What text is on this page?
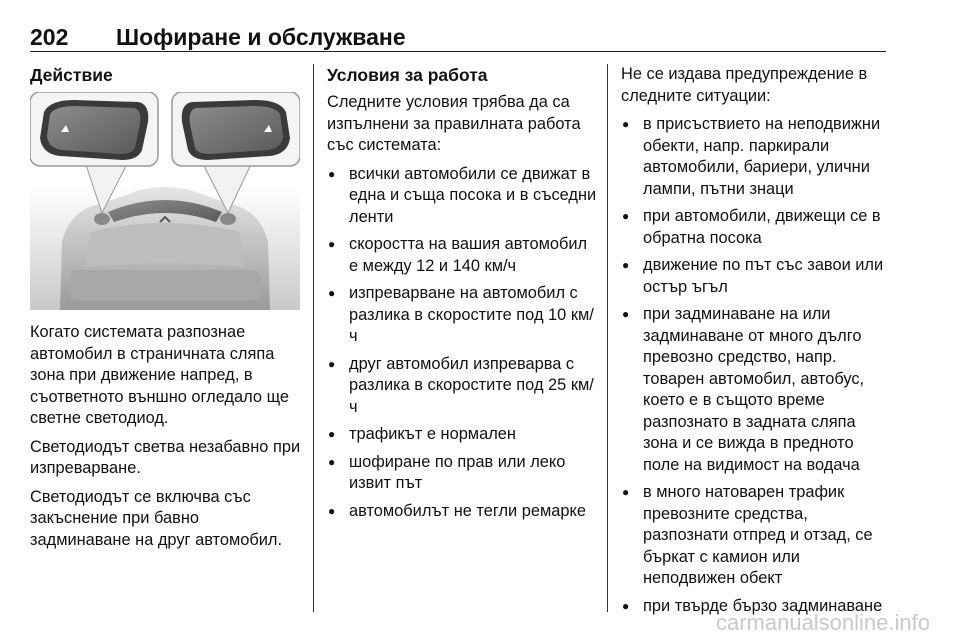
202 Шофиране и обслужване
Действие

Когато системата разпознае автомобил в страничната сляпа зона при движение напред, в съответното външно огледало ще светне светодиод.

Светодиодът светва незабавно при изпреварване.

Светодиодът се включва със закъснение при бавно задминаване на друг автомобил.

Условия за работа

Следните условия трябва да са изпълнени за правилната работа със системата:

● всички автомобили се движат в една и съща посока и в съседни ленти
● скоростта на вашия автомобил е между 12 и 140 км/ч
● изпреварване на автомобил с разлика в скоростите под 10 км/ч
● друг автомобил изпреварва с разлика в скоростите под 25 км/ч
● трафикът е нормален
● шофиране по прав или леко извит път
● автомобилът не тегли ремарке

Не се издава предупреждение в следните ситуации:

● в присъствието на неподвижни обекти, напр. паркирали автомобили, бариери, улични лампи, пътни знаци
● при автомобили, движещи се в обратна посока
● движение по път със завои или остър ъгъл
● при задминаване на или задминаване от много дълго превозно средство, напр. товарен автомобил, автобус, което е в същото време разпознато в задната сляпа зона и се вижда в предното поле на видимост на водача
● в много натоварен трафик превозните средства, разпознати отпред и отзад, се бъркат с камион или неподвижен обект
● при твърде бързо задминаване
carmanualsonline.info
